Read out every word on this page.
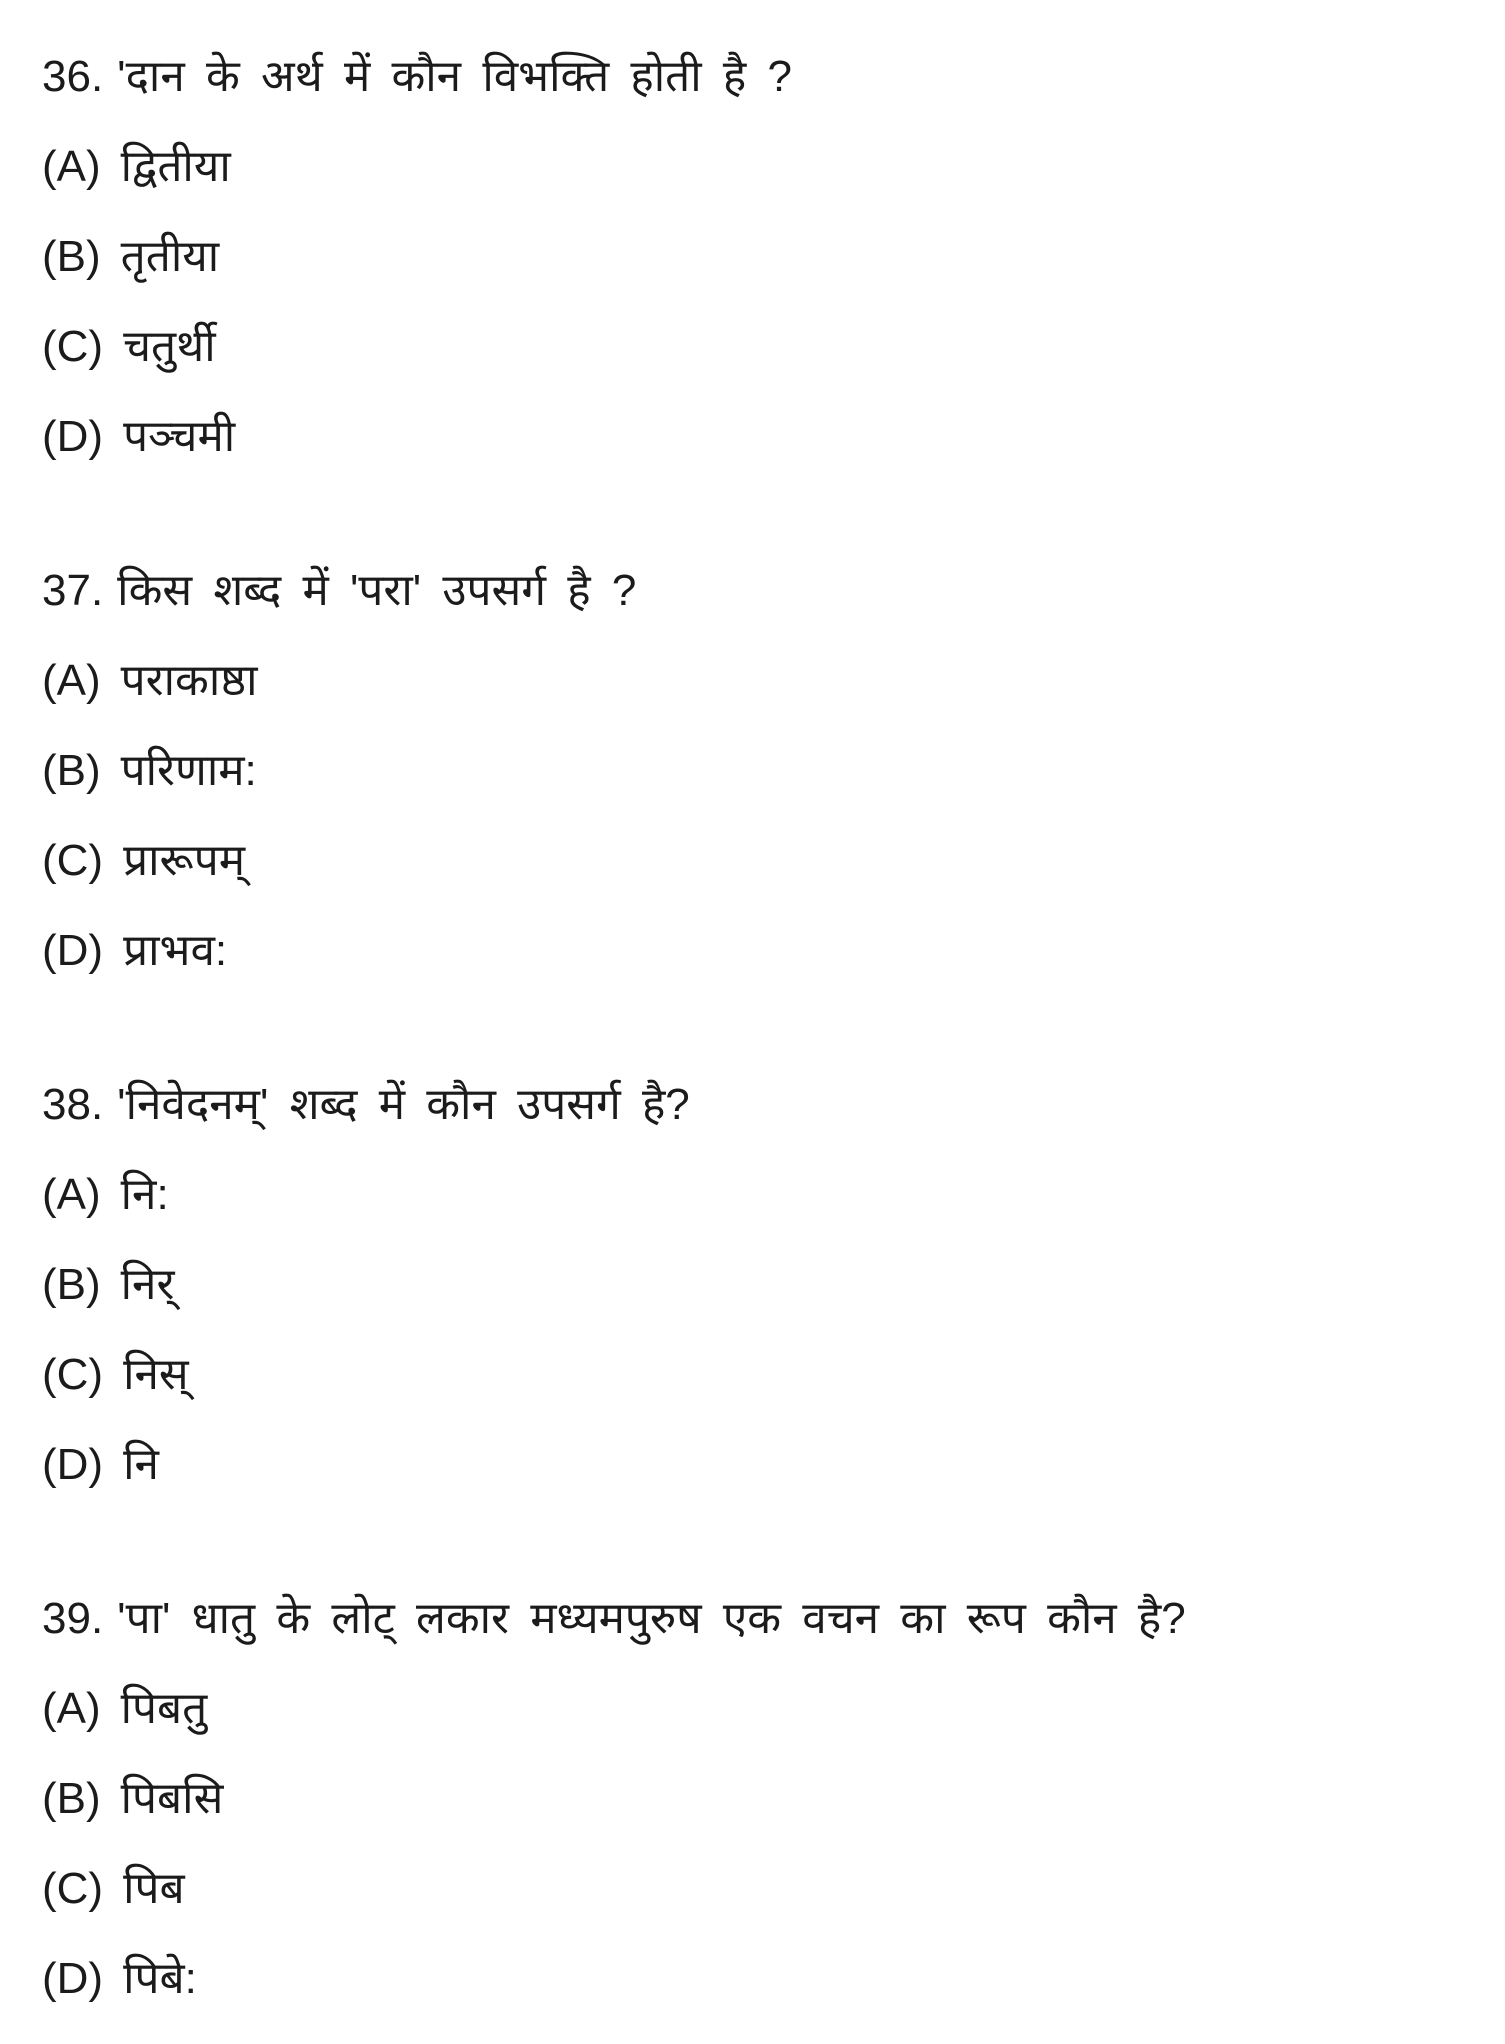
36. 'दान के अर्थ में कौन विभक्ति होती है ?
(A) द्वितीया
(B) तृतीया
(C) चतुर्थी
(D) पञ्चमी
37. किस शब्द में 'परा' उपसर्ग है ?
(A) पराकाष्ठा
(B) परिणाम:
(C) प्रारूपम्
(D) प्राभव:
38. 'निवेदनम्' शब्द में कौन उपसर्ग है?
(A) नि:
(B) निर्
(C) निस्
(D) नि
39. 'पा' धातु के लोट् लकार मध्यमपुरुष एक वचन का रूप कौन है?
(A) पिबतु
(B) पिबसि
(C) पिब
(D) पिबे:
